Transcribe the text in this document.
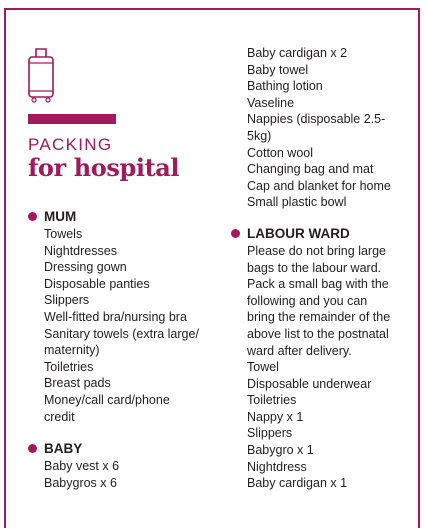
PACKING
for hospital
MUM
Towels
Nightdresses
Dressing gown
Disposable panties
Slippers
Well-fitted bra/nursing bra
Sanitary towels (extra large/
maternity)
Toiletries
Breast pads
Money/call card/phone
credit
BABY
Baby vest x 6
Babygros x 6
Baby cardigan x 2
Baby towel
Bathing lotion
Vaseline
Nappies (disposable 2.5-
5kg)
Cotton wool
Changing bag and mat
Cap and blanket for home
Small plastic bowl
LABOUR WARD
Please do not bring large
bags to the labour ward.
Pack a small bag with the
following and you can
bring the remainder of the
above list to the postnatal
ward after delivery.
Towel
Disposable underwear
Toiletries
Nappy x 1
Slippers
Babygro x 1
Nightdress
Baby cardigan x 1
